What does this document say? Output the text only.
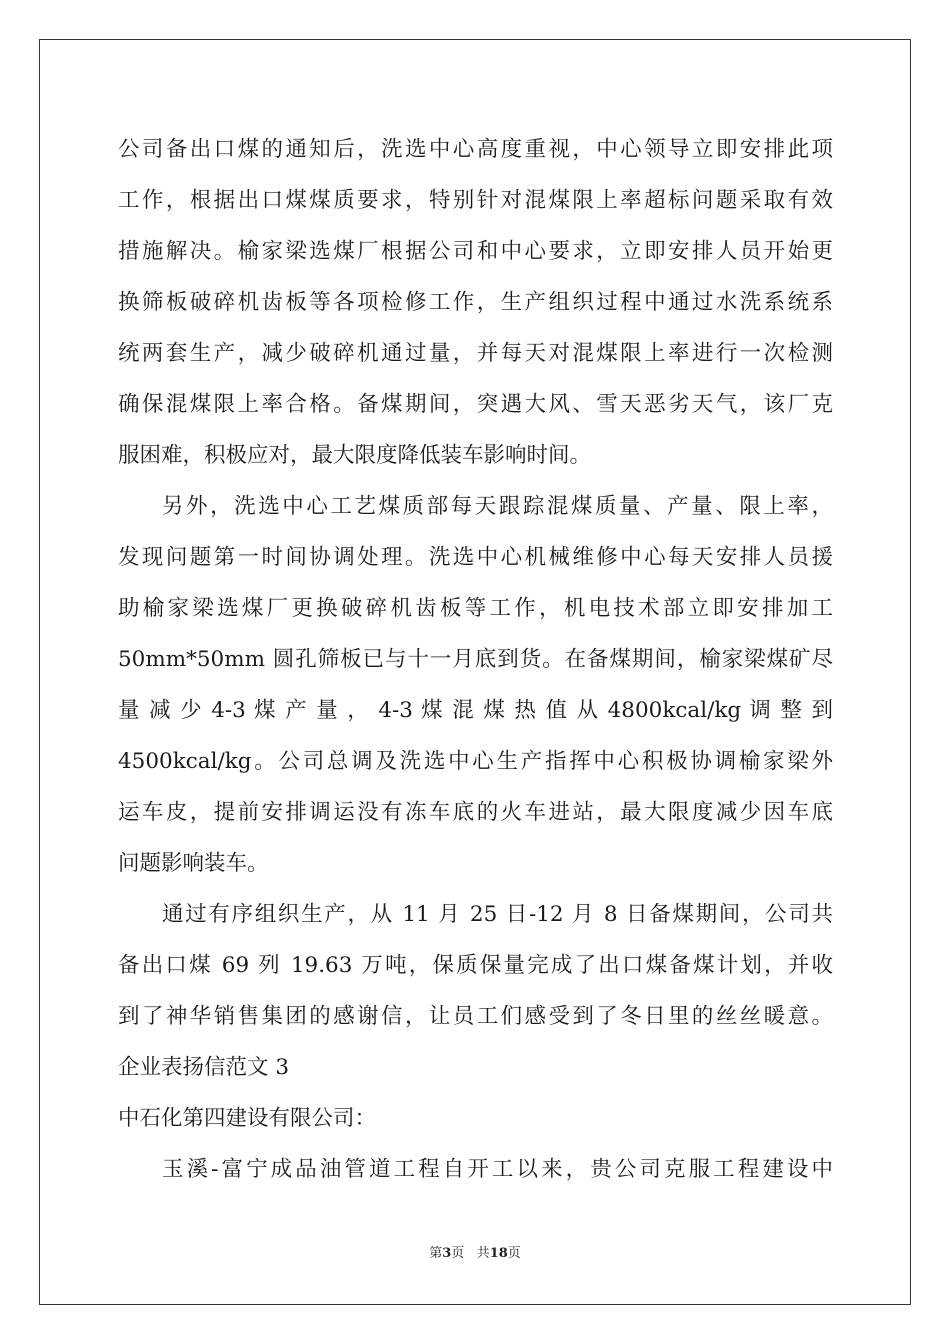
公司备出口煤的通知后，洗选中心高度重视，中心领导立即安排此项
工作，根据出口煤煤质要求，特别针对混煤限上率超标问题采取有效
措施解决。榆家梁选煤厂根据公司和中心要求，立即安排人员开始更
换筛板破碎机齿板等各项检修工作，生产组织过程中通过水洗系统系
统两套生产，减少破碎机通过量，并每天对混煤限上率进行一次检测
确保混煤限上率合格。备煤期间，突遇大风、雪天恶劣天气，该厂克
服困难，积极应对，最大限度降低装车影响时间。
另外，洗选中心工艺煤质部每天跟踪混煤质量、产量、限上率，
发现问题第一时间协调处理。洗选中心机械维修中心每天安排人员援
助榆家梁选煤厂更换破碎机齿板等工作，机电技术部立即安排加工
50mm*50mm 圆孔筛板已与十一月底到货。在备煤期间，榆家梁煤矿尽
量 减 少 4-3 煤 产 量 ， 4-3 煤 混 煤 热 值 从 4800kcal/kg 调 整 到
4500kcal/kg。公司总调及洗选中心生产指挥中心积极协调榆家梁外
运车皮，提前安排调运没有冻车底的火车进站，最大限度减少因车底
问题影响装车。
通过有序组织生产，从 11 月 25 日-12 月 8 日备煤期间，公司共
备出口煤 69 列 19.63 万吨，保质保量完成了出口煤备煤计划，并收
到了神华销售集团的感谢信，让员工们感受到了冬日里的丝丝暖意。
企业表扬信范文 3
中石化第四建设有限公司：
玉溪-富宁成品油管道工程自开工以来，贵公司克服工程建设中
第3页 共18页
